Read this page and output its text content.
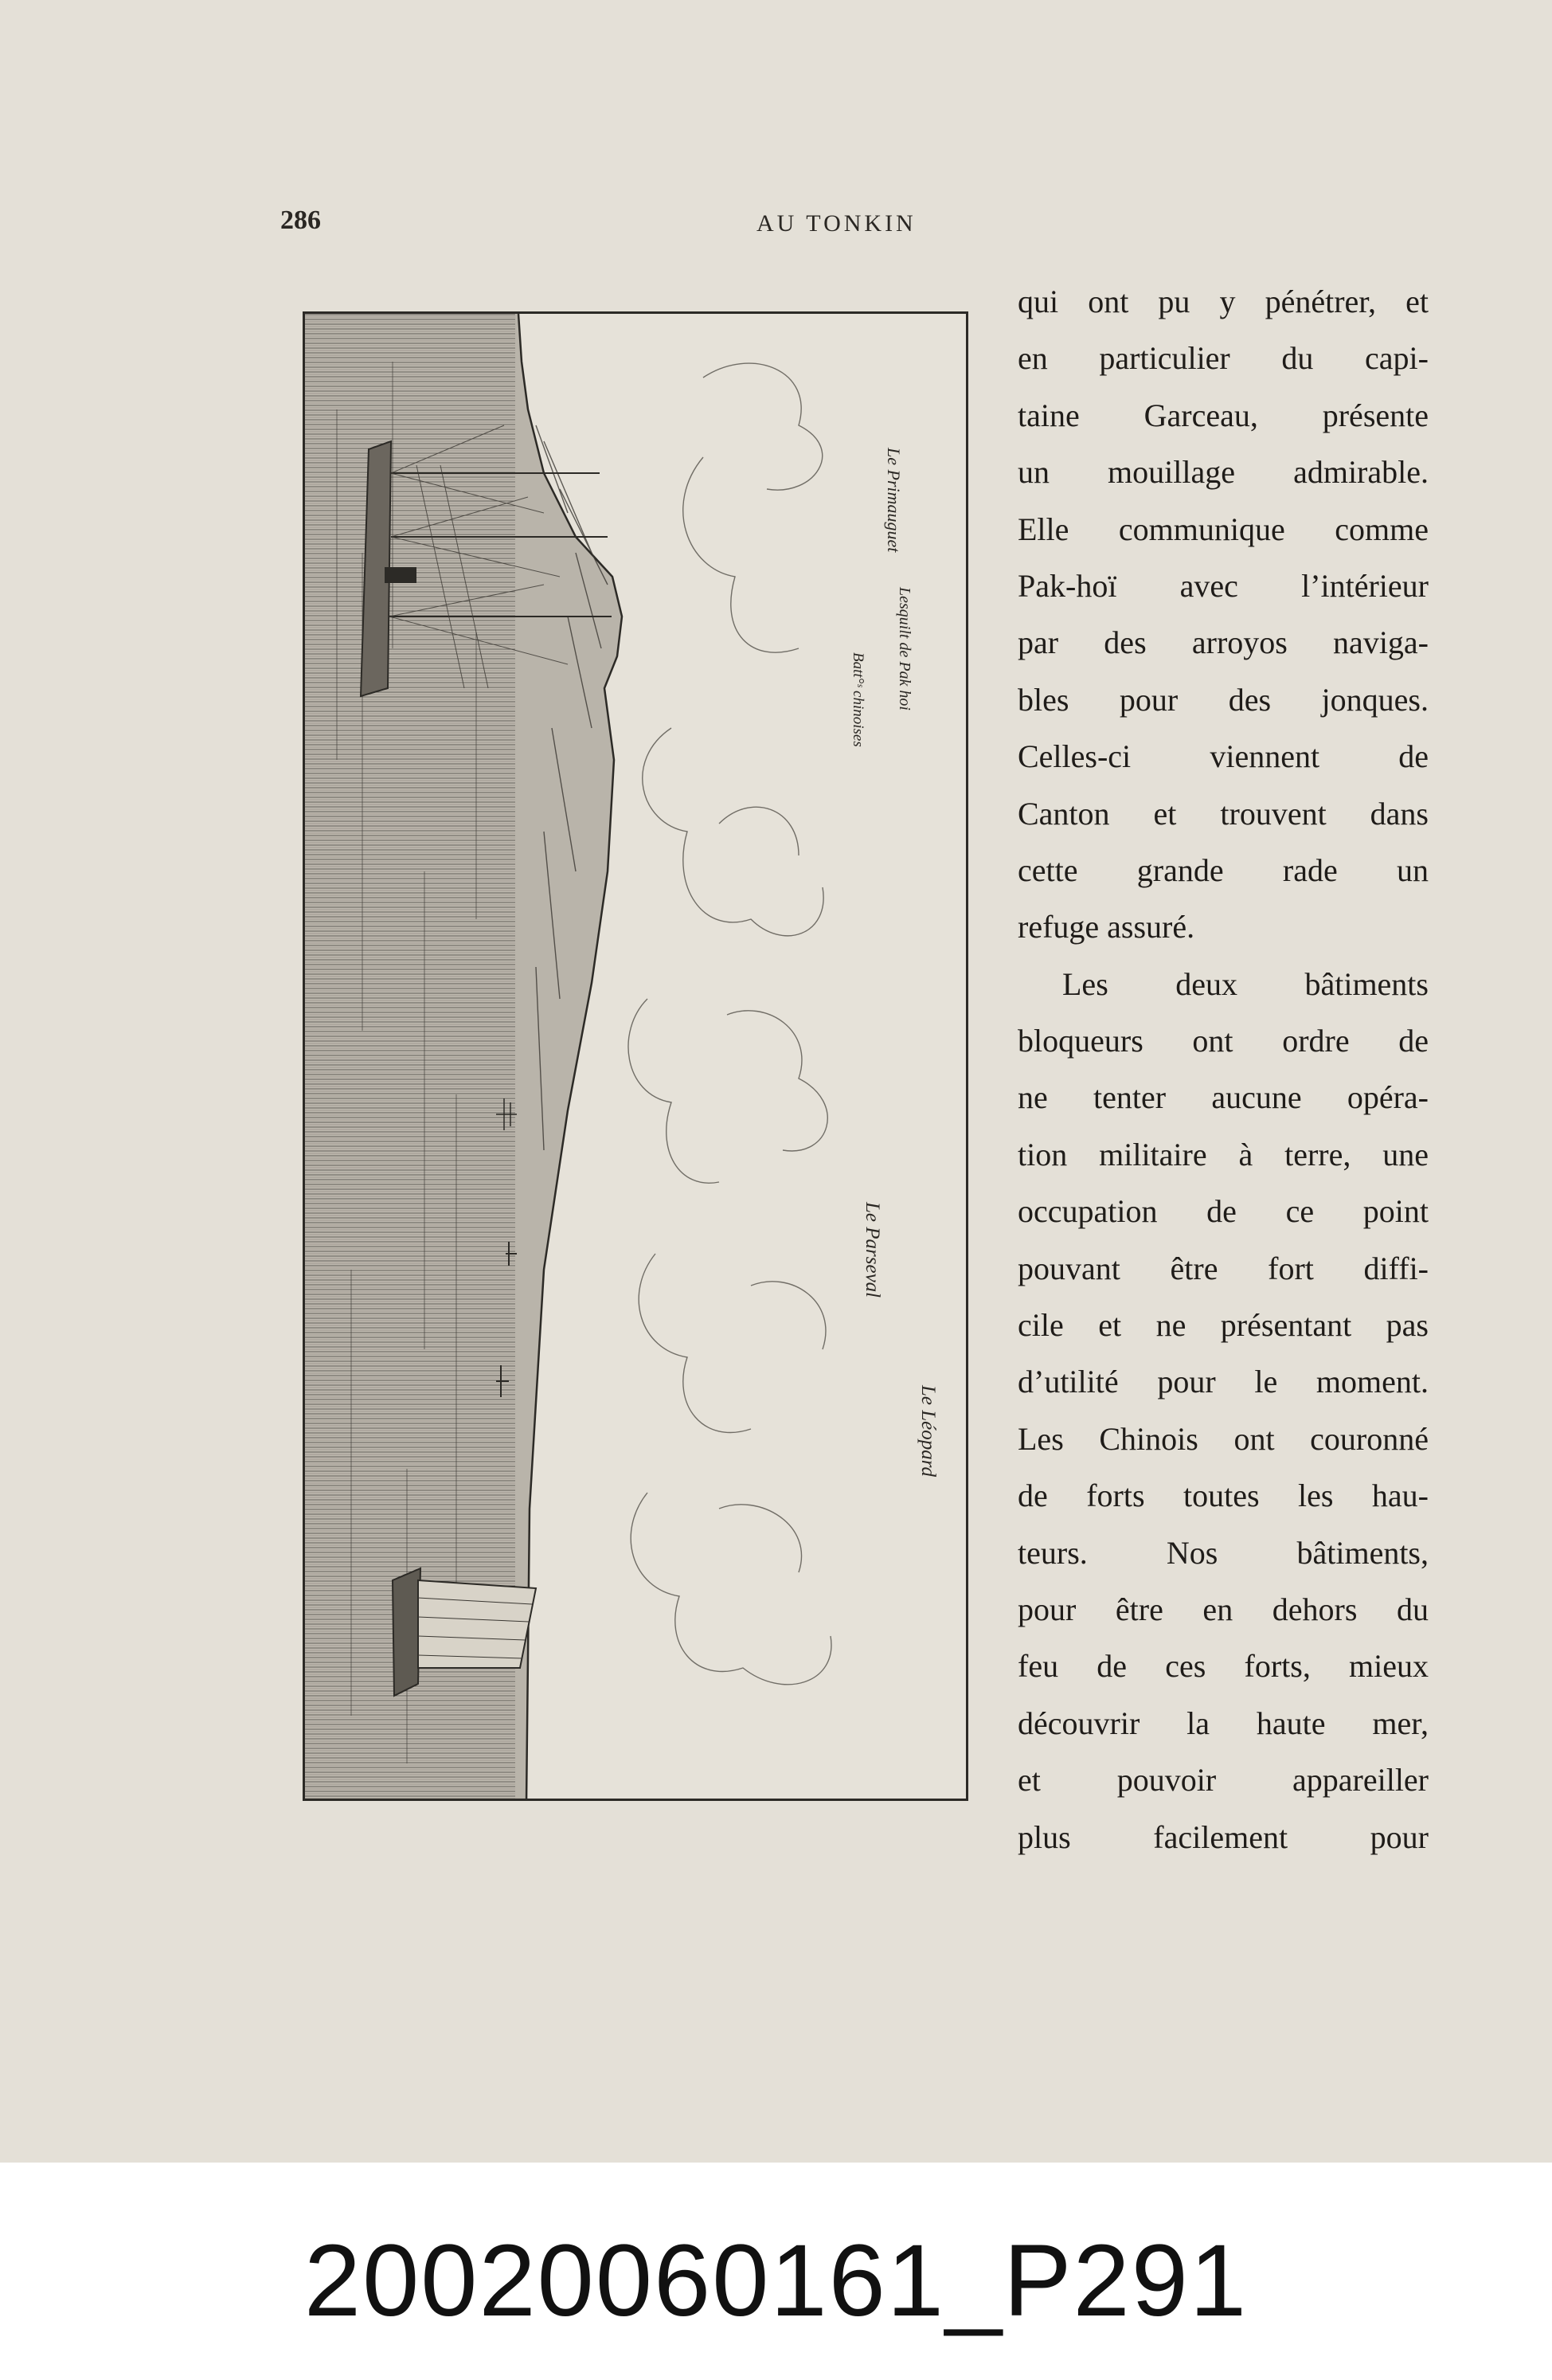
286	AU TONKIN
Lesquilt de Pak hoi
Le Primauguet
Batt°ˢ chinoises
Le Parseval
Le Léopard
qui ont pu y pénétrer, et
en particulier du capi-
taine Garceau, présente
un mouillage admirable.
Elle communique comme
Pak-hoï avec l’intérieur
par des arroyos naviga-
bles pour des jonques.
Celles-ci viennent de
Canton et trouvent dans
cette grande rade un
refuge assuré.
Les deux bâtiments
bloqueurs ont ordre de
ne tenter aucune opéra-
tion militaire à terre, une
occupation de ce point
pouvant être fort diffi-
cile et ne présentant pas
d’utilité pour le moment.
Les Chinois ont couronné
de forts toutes les hau-
teurs. Nos bâtiments,
pour être en dehors du
feu de ces forts, mieux
découvrir la haute mer,
et pouvoir appareiller
plus facilement pour
20020060161_P291
